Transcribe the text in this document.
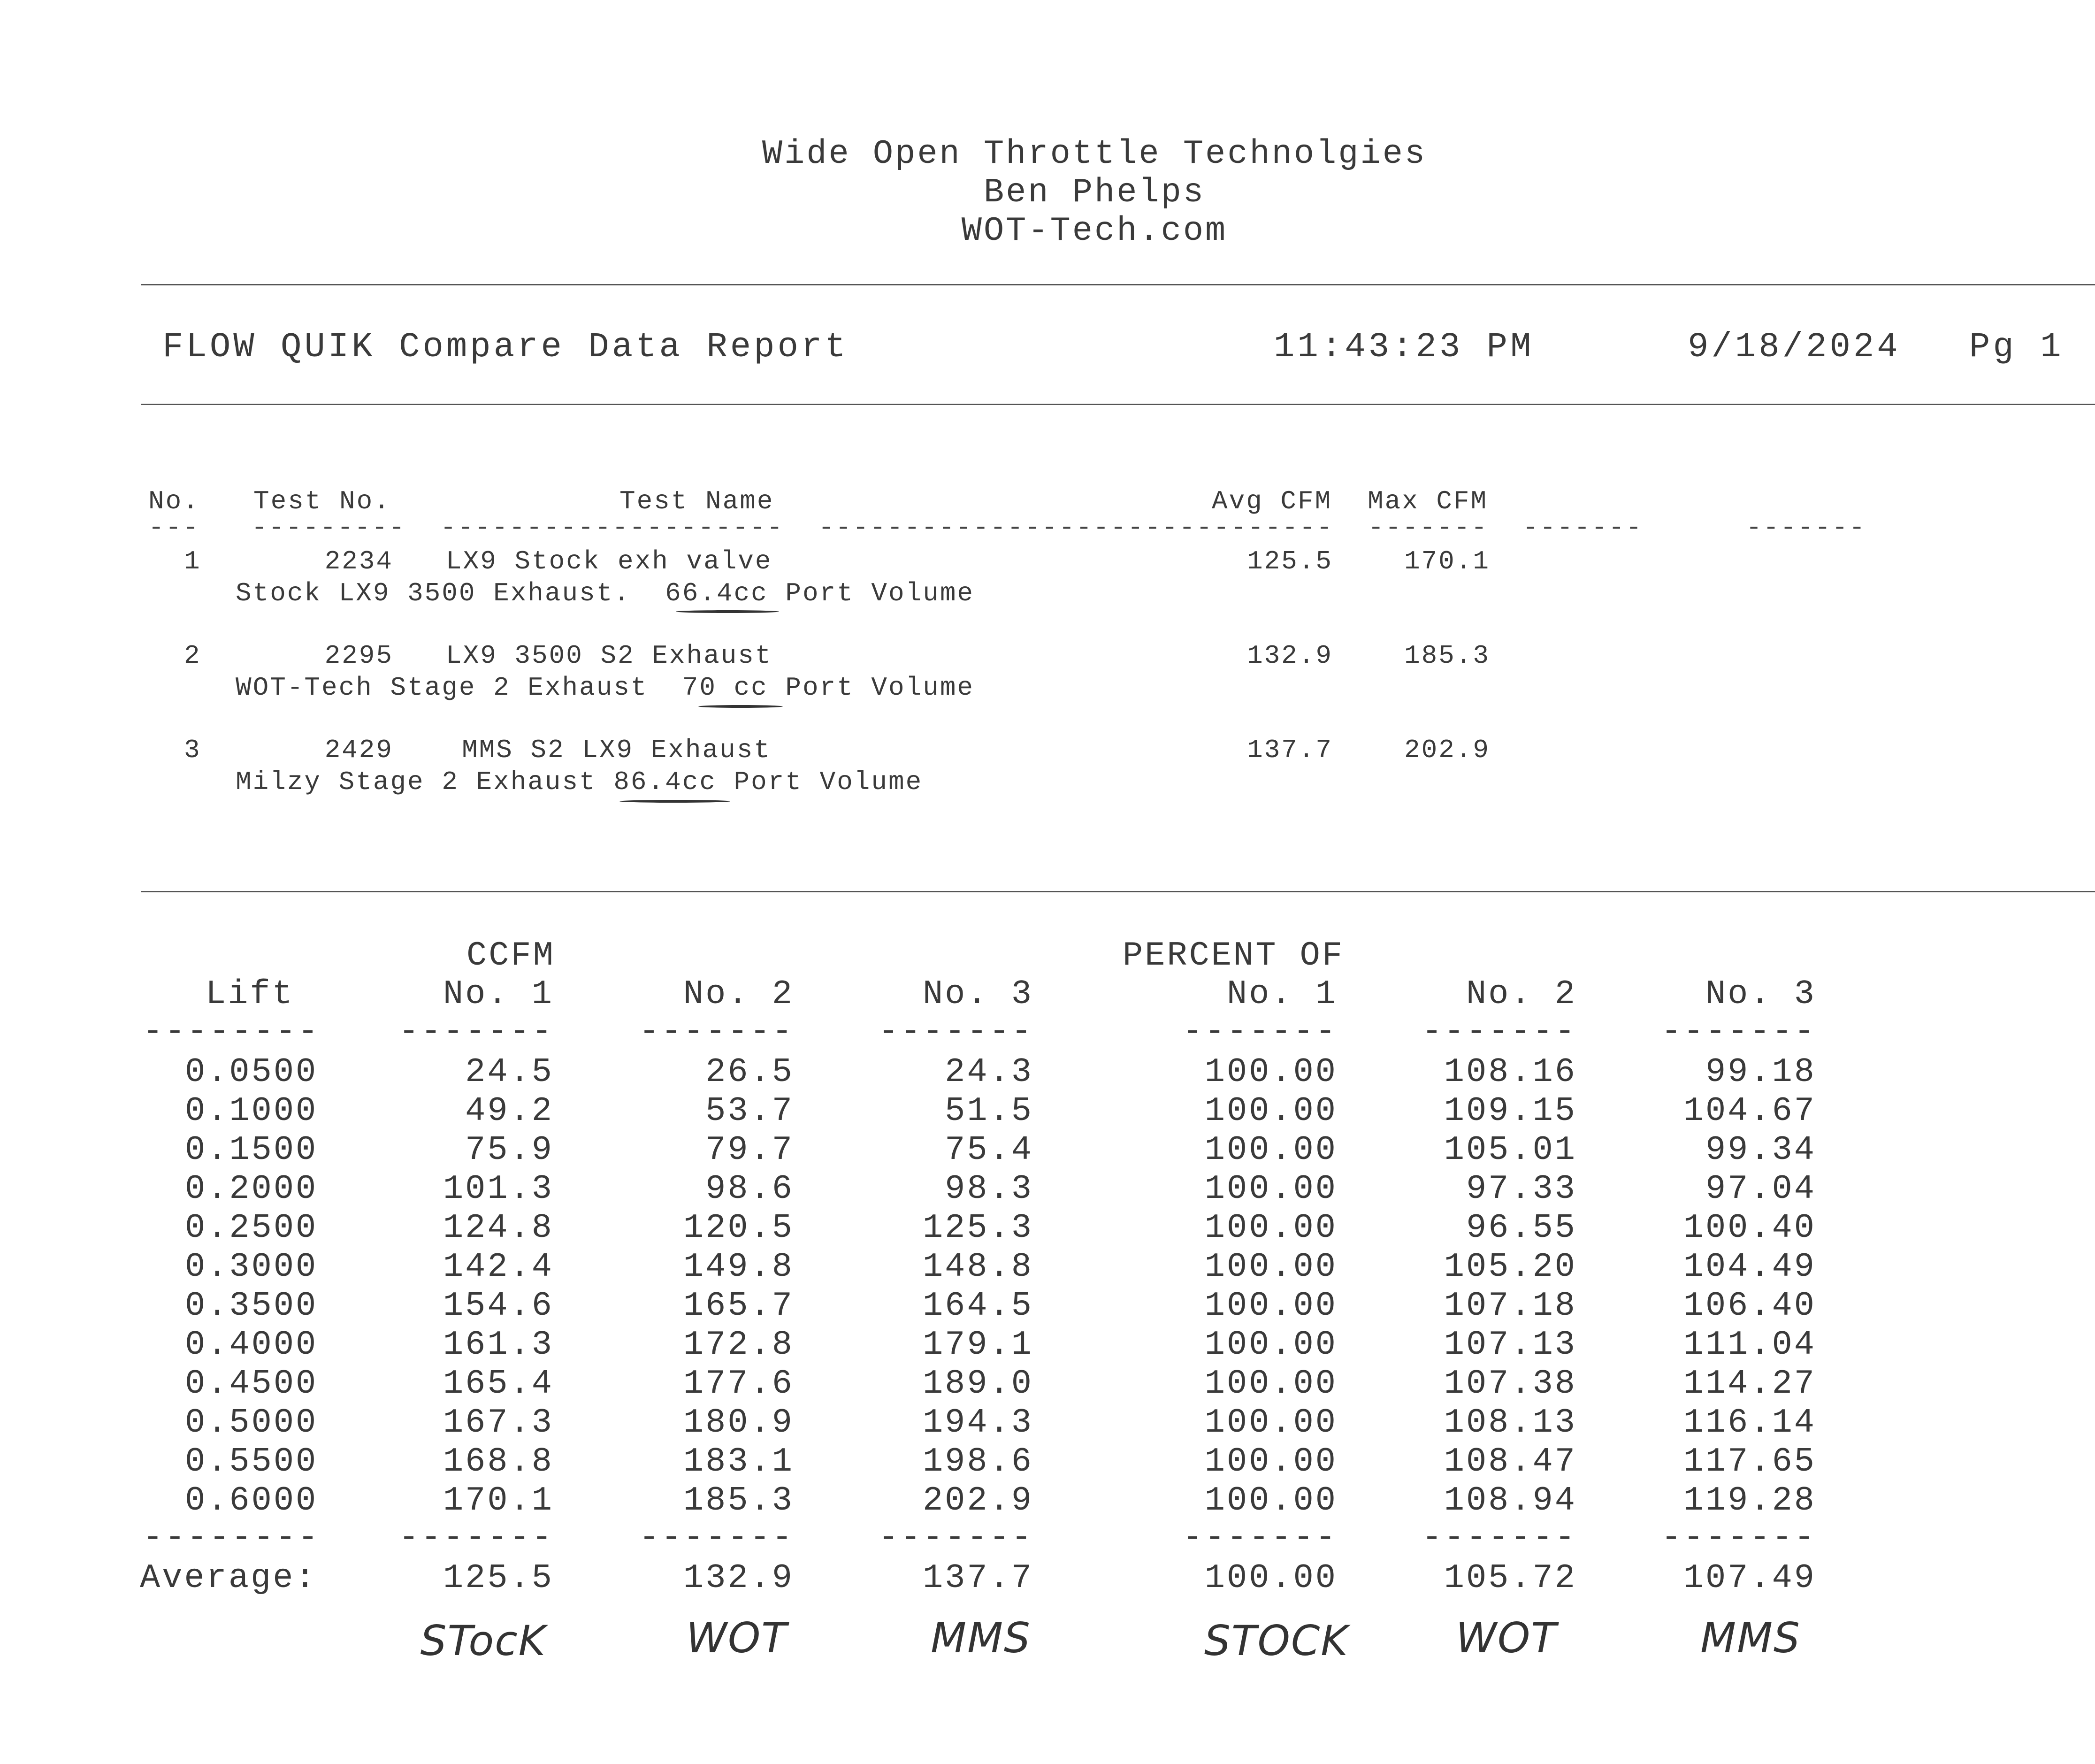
Wide Open Throttle Technolgies
Ben Phelps
WOT-Tech.com
FLOW QUIK Compare Data Report	11:43:23 PM	9/18/2024 Pg 1
No. Test No.	Test Name	Avg CFM Max CFM
---   ---------  --------------------  ------------------------------  -------  -------      -------
1	2234 LX9 Stock exh valve	125.5	170.1
Stock LX9 3500 Exhaust.  66.4cc Port Volume
2	2295 LX9 3500 S2 Exhaust	132.9	185.3
WOT-Tech Stage 2 Exhaust  70 cc Port Volume
3	2429	MMS S2 LX9 Exhaust	137.7	202.9
Milzy Stage 2 Exhaust 86.4cc Port Volume
CCFM	PERCENT OF
Lift	No. 1	No. 2	No. 3	No. 1	No. 2	No. 3
--------	-------	-------	-------	-------	-------	-------
0.0500	24.5	26.5	24.3	100.00	108.16	99.18
0.1000	49.2	53.7	51.5	100.00	109.15	104.67
0.1500	75.9	79.7	75.4	100.00	105.01	99.34
0.2000	101.3	98.6	98.3	100.00	97.33	97.04
0.2500	124.8	120.5	125.3	100.00	96.55	100.40
0.3000	142.4	149.8	148.8	100.00	105.20	104.49
0.3500	154.6	165.7	164.5	100.00	107.18	106.40
0.4000	161.3	172.8	179.1	100.00	107.13	111.04
0.4500	165.4	177.6	189.0	100.00	107.38	114.27
0.5000	167.3	180.9	194.3	100.00	108.13	116.14
0.5500	168.8	183.1	198.6	100.00	108.47	117.65
0.6000	170.1	185.3	202.9	100.00	108.94	119.28
--------	-------	-------	-------	-------	-------	-------
Average:	125.5	132.9	137.7	100.00	105.72	107.49
STocK	WOT	MMS	STOCK	WOT	MMS
